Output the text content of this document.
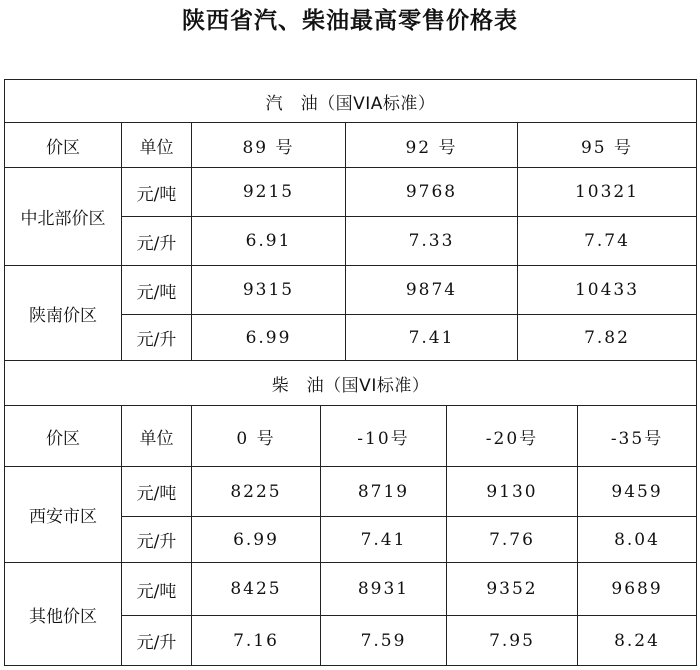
陕西省汽、柴油最高零售价格表
汽　油（国VIA标准）				
价区	单位	89 号	92 号	95 号
中北部价区	元/吨	9215	9768	10321
	元/升	6.91	7.33	7.74
陕南价区	元/吨	9315	9874	10433
	元/升	6.99	7.41	7.82
柴　油（国VI标准）					
价区	单位	0 号	-10号	-20号	-35号
西安市区	元/吨	8225	8719	9130	9459
	元/升	6.99	7.41	7.76	8.04
其他价区	元/吨	8425	8931	9352	9689
	元/升	7.16	7.59	7.95	8.24
